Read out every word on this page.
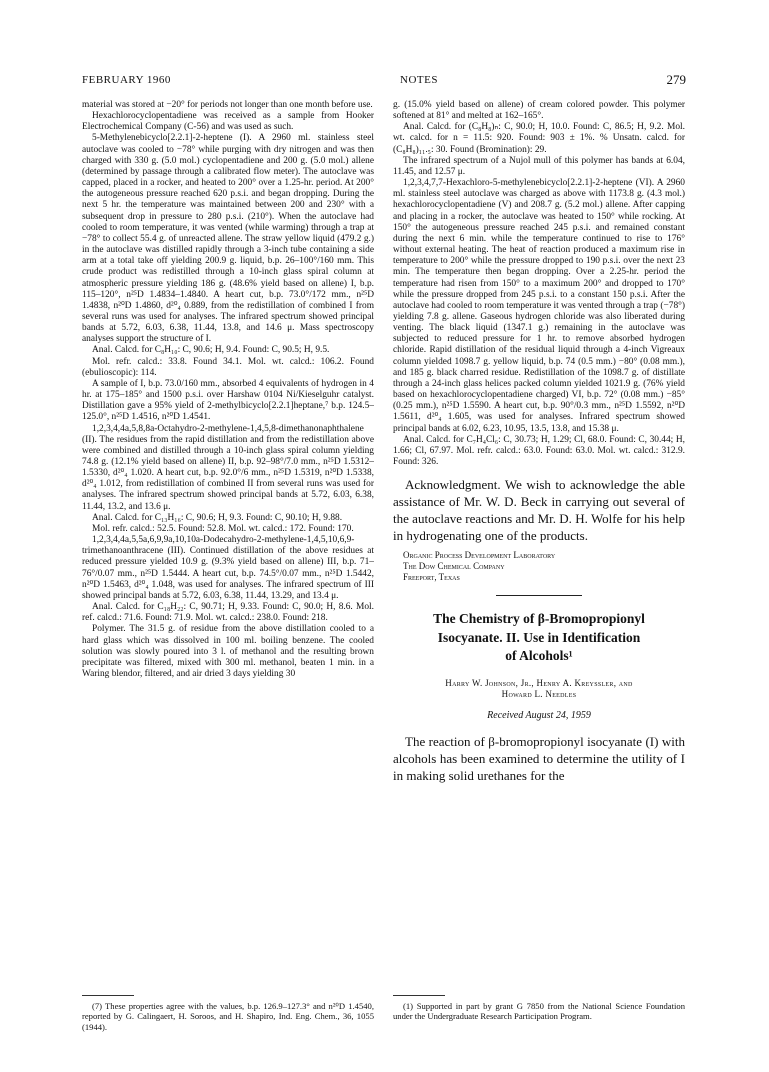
FEBRUARY 1960	NOTES	279

material was stored at −20° for periods not longer than one month before use.

Hexachlorocyclopentadiene was received as a sample from Hooker Electrochemical Company (C-56) and was used as such.

5-Methylenebicyclo[2.2.1]-2-heptene (I). A 2960 ml. stainless steel autoclave was cooled to −78° while purging with dry nitrogen and was then charged with 330 g. (5.0 mol.) cyclopentadiene and 200 g. (5.0 mol.) allene (determined by passage through a calibrated flow meter). The autoclave was capped, placed in a rocker, and heated to 200° over a 1.25-hr. period. At 200° the autogeneous pressure reached 620 p.s.i. and began dropping. During the next 5 hr. the temperature was maintained between 200 and 230° with a subsequent drop in pressure to 280 p.s.i. (210°). When the autoclave had cooled to room temperature, it was vented (while warming) through a trap at −78° to collect 55.4 g. of unreacted allene. The straw yellow liquid (479.2 g.) in the autoclave was distilled rapidly through a 3-inch tube containing a side arm at a total take off yielding 200.9 g. liquid, b.p. 26–100°/160 mm. This crude product was redistilled through a 10-inch glass spiral column at atmospheric pressure yielding 186 g. (48.6% yield based on allene) I, b.p. 115–120°, n²⁵D 1.4834–1.4840. A heart cut, b.p. 73.0°/172 mm., n²⁵D 1.4838, n²⁰D 1.4860, d²⁰₄ 0.889, from the redistillation of combined I from several runs was used for analyses. The infrared spectrum showed principal bands at 5.72, 6.03, 6.38, 11.44, 13.8, and 14.6 μ. Mass spectroscopy analyses support the structure of I.

Anal. Calcd. for C₈H₁₀: C, 90.6; H, 9.4. Found: C, 90.5; H, 9.5.

Mol. refr. calcd.: 33.8. Found 34.1. Mol. wt. calcd.: 106.2. Found (ebulioscopic): 114.

A sample of I, b.p. 73.0/160 mm., absorbed 4 equivalents of hydrogen in 4 hr. at 175–185° and 1500 p.s.i. over Harshaw 0104 Ni/Kieselguhr catalyst. Distillation gave a 95% yield of 2-methylbicyclo[2.2.1]heptane,⁷ b.p. 124.5–125.0°, n²⁵D 1.4516, n²⁰D 1.4541.

1,2,3,4,4a,5,8,8a-Octahydro-2-methylene-1,4,5,8-dimethanonaphthalene (II). The residues from the rapid distillation and from the redistillation above were combined and distilled through a 10-inch glass spiral column yielding 74.8 g. (12.1% yield based on allene) II, b.p. 92–98°/7.0 mm., n²⁵D 1.5312–1.5330, d²⁰₄ 1.020. A heart cut, b.p. 92.0°/6 mm., n²⁵D 1.5319, n²⁰D 1.5338, d²⁰₄ 1.012, from redistillation of combined II from several runs was used for analyses. The infrared spectrum showed principal bands at 5.72, 6.03, 6.38, 11.44, 13.2, and 13.6 μ.

Anal. Calcd. for C₁₃H₁₆: C, 90.6; H, 9.3. Found: C, 90.10; H, 9.88.

Mol. refr. calcd.: 52.5. Found: 52.8. Mol. wt. calcd.: 172. Found: 170.

1,2,3,4,4a,5,5a,6,9,9a,10,10a-Dodecahydro-2-methylene-1,4,5,10,6,9-trimethanoanthracene (III). Continued distillation of the above residues at reduced pressure yielded 10.9 g. (9.3% yield based on allene) III, b.p. 71–76°/0.07 mm., n²⁵D 1.5444. A heart cut, b.p. 74.5°/0.07 mm., n²⁵D 1.5442, n²⁰D 1.5463, d²⁰₄ 1.048, was used for analyses. The infrared spectrum of III showed principal bands at 5.72, 6.03, 6.38, 11.44, 13.29, and 13.4 μ.

Anal. Calcd. for C₁₈H₂₂: C, 90.71; H, 9.33. Found: C, 90.0; H, 8.6. Mol. ref. calcd.: 71.6. Found: 71.9. Mol. wt. calcd.: 238.0. Found: 218.

Polymer. The 31.5 g. of residue from the above distillation cooled to a hard glass which was dissolved in 100 ml. boiling benzene. The cooled solution was slowly poured into 3 l. of methanol and the resulting brown precipitate was filtered, mixed with 300 ml. methanol, beaten 1 min. in a Waring blendor, filtered, and air dried 3 days yielding 30

g. (15.0% yield based on allene) of cream colored powder. This polymer softened at 81° and melted at 162–165°.

Anal. Calcd. for (C₈H₈)ₙ: C, 90.0; H, 10.0. Found: C, 86.5; H, 9.2. Mol. wt. calcd. for n = 11.5: 920. Found: 903 ± 1%. % Unsatn. calcd. for (C₈H₈)₁₁.₅: 30. Found (Bromination): 29.

The infrared spectrum of a Nujol mull of this polymer has bands at 6.04, 11.45, and 12.57 μ.

1,2,3,4,7,7-Hexachloro-5-methylenebicyclo[2.2.1]-2-heptene (VI). A 2960 ml. stainless steel autoclave was charged as above with 1173.8 g. (4.3 mol.) hexachlorocyclopentadiene (V) and 208.7 g. (5.2 mol.) allene. After capping and placing in a rocker, the autoclave was heated to 150° while rocking. At 150° the autogeneous pressure reached 245 p.s.i. and remained constant during the next 6 min. while the temperature continued to rise to 176° without external heating. The heat of reaction produced a maximum rise in temperature to 200° while the pressure dropped to 190 p.s.i. over the next 23 min. The temperature then began dropping. Over a 2.25-hr. period the temperature had risen from 150° to a maximum 200° and dropped to 170° while the pressure dropped from 245 p.s.i. to a constant 150 p.s.i. After the autoclave had cooled to room temperature it was vented through a trap (−78°) yielding 7.8 g. allene. Gaseous hydrogen chloride was also liberated during venting. The black liquid (1347.1 g.) remaining in the autoclave was subjected to reduced pressure for 1 hr. to remove absorbed hydrogen chloride. Rapid distillation of the residual liquid through a 4-inch Vigreaux column yielded 1098.7 g. yellow liquid, b.p. 74 (0.5 mm.) −80° (0.08 mm.), and 185 g. black charred residue. Redistillation of the 1098.7 g. of distillate through a 24-inch glass helices packed column yielded 1021.9 g. (76% yield based on hexachlorocyclopentadiene charged) VI, b.p. 72° (0.08 mm.) −85° (0.25 mm.), n²⁵D 1.5590. A heart cut, b.p. 90°/0.3 mm., n²⁵D 1.5592, n²⁰D 1.5611, d²⁰₄ 1.605, was used for analyses. Infrared spectrum showed principal bands at 6.02, 6.23, 10.95, 13.5, 13.8, and 15.38 μ.

Anal. Calcd. for C₇H₄Cl₆: C, 30.73; H, 1.29; Cl, 68.0. Found: C, 30.44; H, 1.66; Cl, 67.97. Mol. refr. calcd.: 63.0. Found: 63.0. Mol. wt. calcd.: 312.9. Found: 326.

Acknowledgment. We wish to acknowledge the able assistance of Mr. W. D. Beck in carrying out several of the autoclave reactions and Mr. D. H. Wolfe for his help in hydrogenating one of the products.

Organic Process Development Laboratory
The Dow Chemical Company
Freeport, Texas
The Chemistry of β-Bromopropionyl
Isocyanate. II. Use in Identification
of Alcohols¹
Harry W. Johnson, Jr., Henry A. Kreyssler, and
Howard L. Needles
Received August 24, 1959

The reaction of β-bromopropionyl isocyanate (I) with alcohols has been examined to determine the utility of I in making solid urethanes for the

(7) These properties agree with the values, b.p. 126.9–127.3° and n²⁰D 1.4540, reported by G. Calingaert, H. Soroos, and H. Shapiro, Ind. Eng. Chem., 36, 1055 (1944).

(1) Supported in part by grant G 7850 from the National Science Foundation under the Undergraduate Research Participation Program.
